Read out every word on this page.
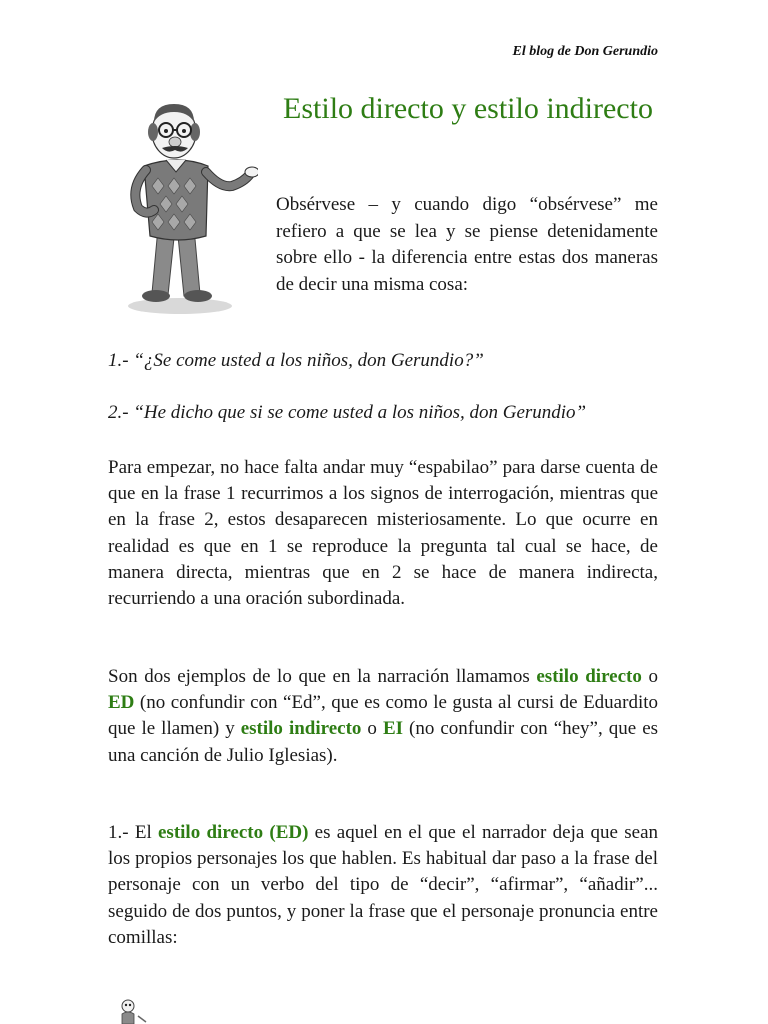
El blog de Don Gerundio
Estilo directo y estilo indirecto

Obsérvese – y cuando digo “obsérvese” me refiero a que se lea y se piense detenidamente sobre ello - la diferencia entre estas dos maneras de decir una misma cosa:

1.- “¿Se come usted a los niños, don Gerundio?”

2.- “He dicho que si se come usted a los niños, don Gerundio”

Para empezar, no hace falta andar muy “espabilao” para darse cuenta de que en la frase 1 recurrimos a los signos de interrogación, mientras que en la frase 2, estos desaparecen misteriosamente. Lo que ocurre en realidad es que en 1 se reproduce la pregunta tal cual se hace, de manera directa, mientras que en 2 se hace de manera indirecta, recurriendo a una oración subordinada.

Son dos ejemplos de lo que en la narración llamamos estilo directo o ED (no confundir con “Ed”, que es como le gusta al cursi de Eduardito que le llamen) y estilo indirecto o EI (no confundir con “hey”, que es una canción de Julio Iglesias).

1.- El estilo directo (ED) es aquel en el que el narrador deja que sean los propios personajes los que hablen. Es habitual dar paso a la frase del personaje con un verbo del tipo de “decir”, “afirmar”, “añadir”... seguido de dos puntos, y poner la frase que el personaje pronuncia entre comillas:
